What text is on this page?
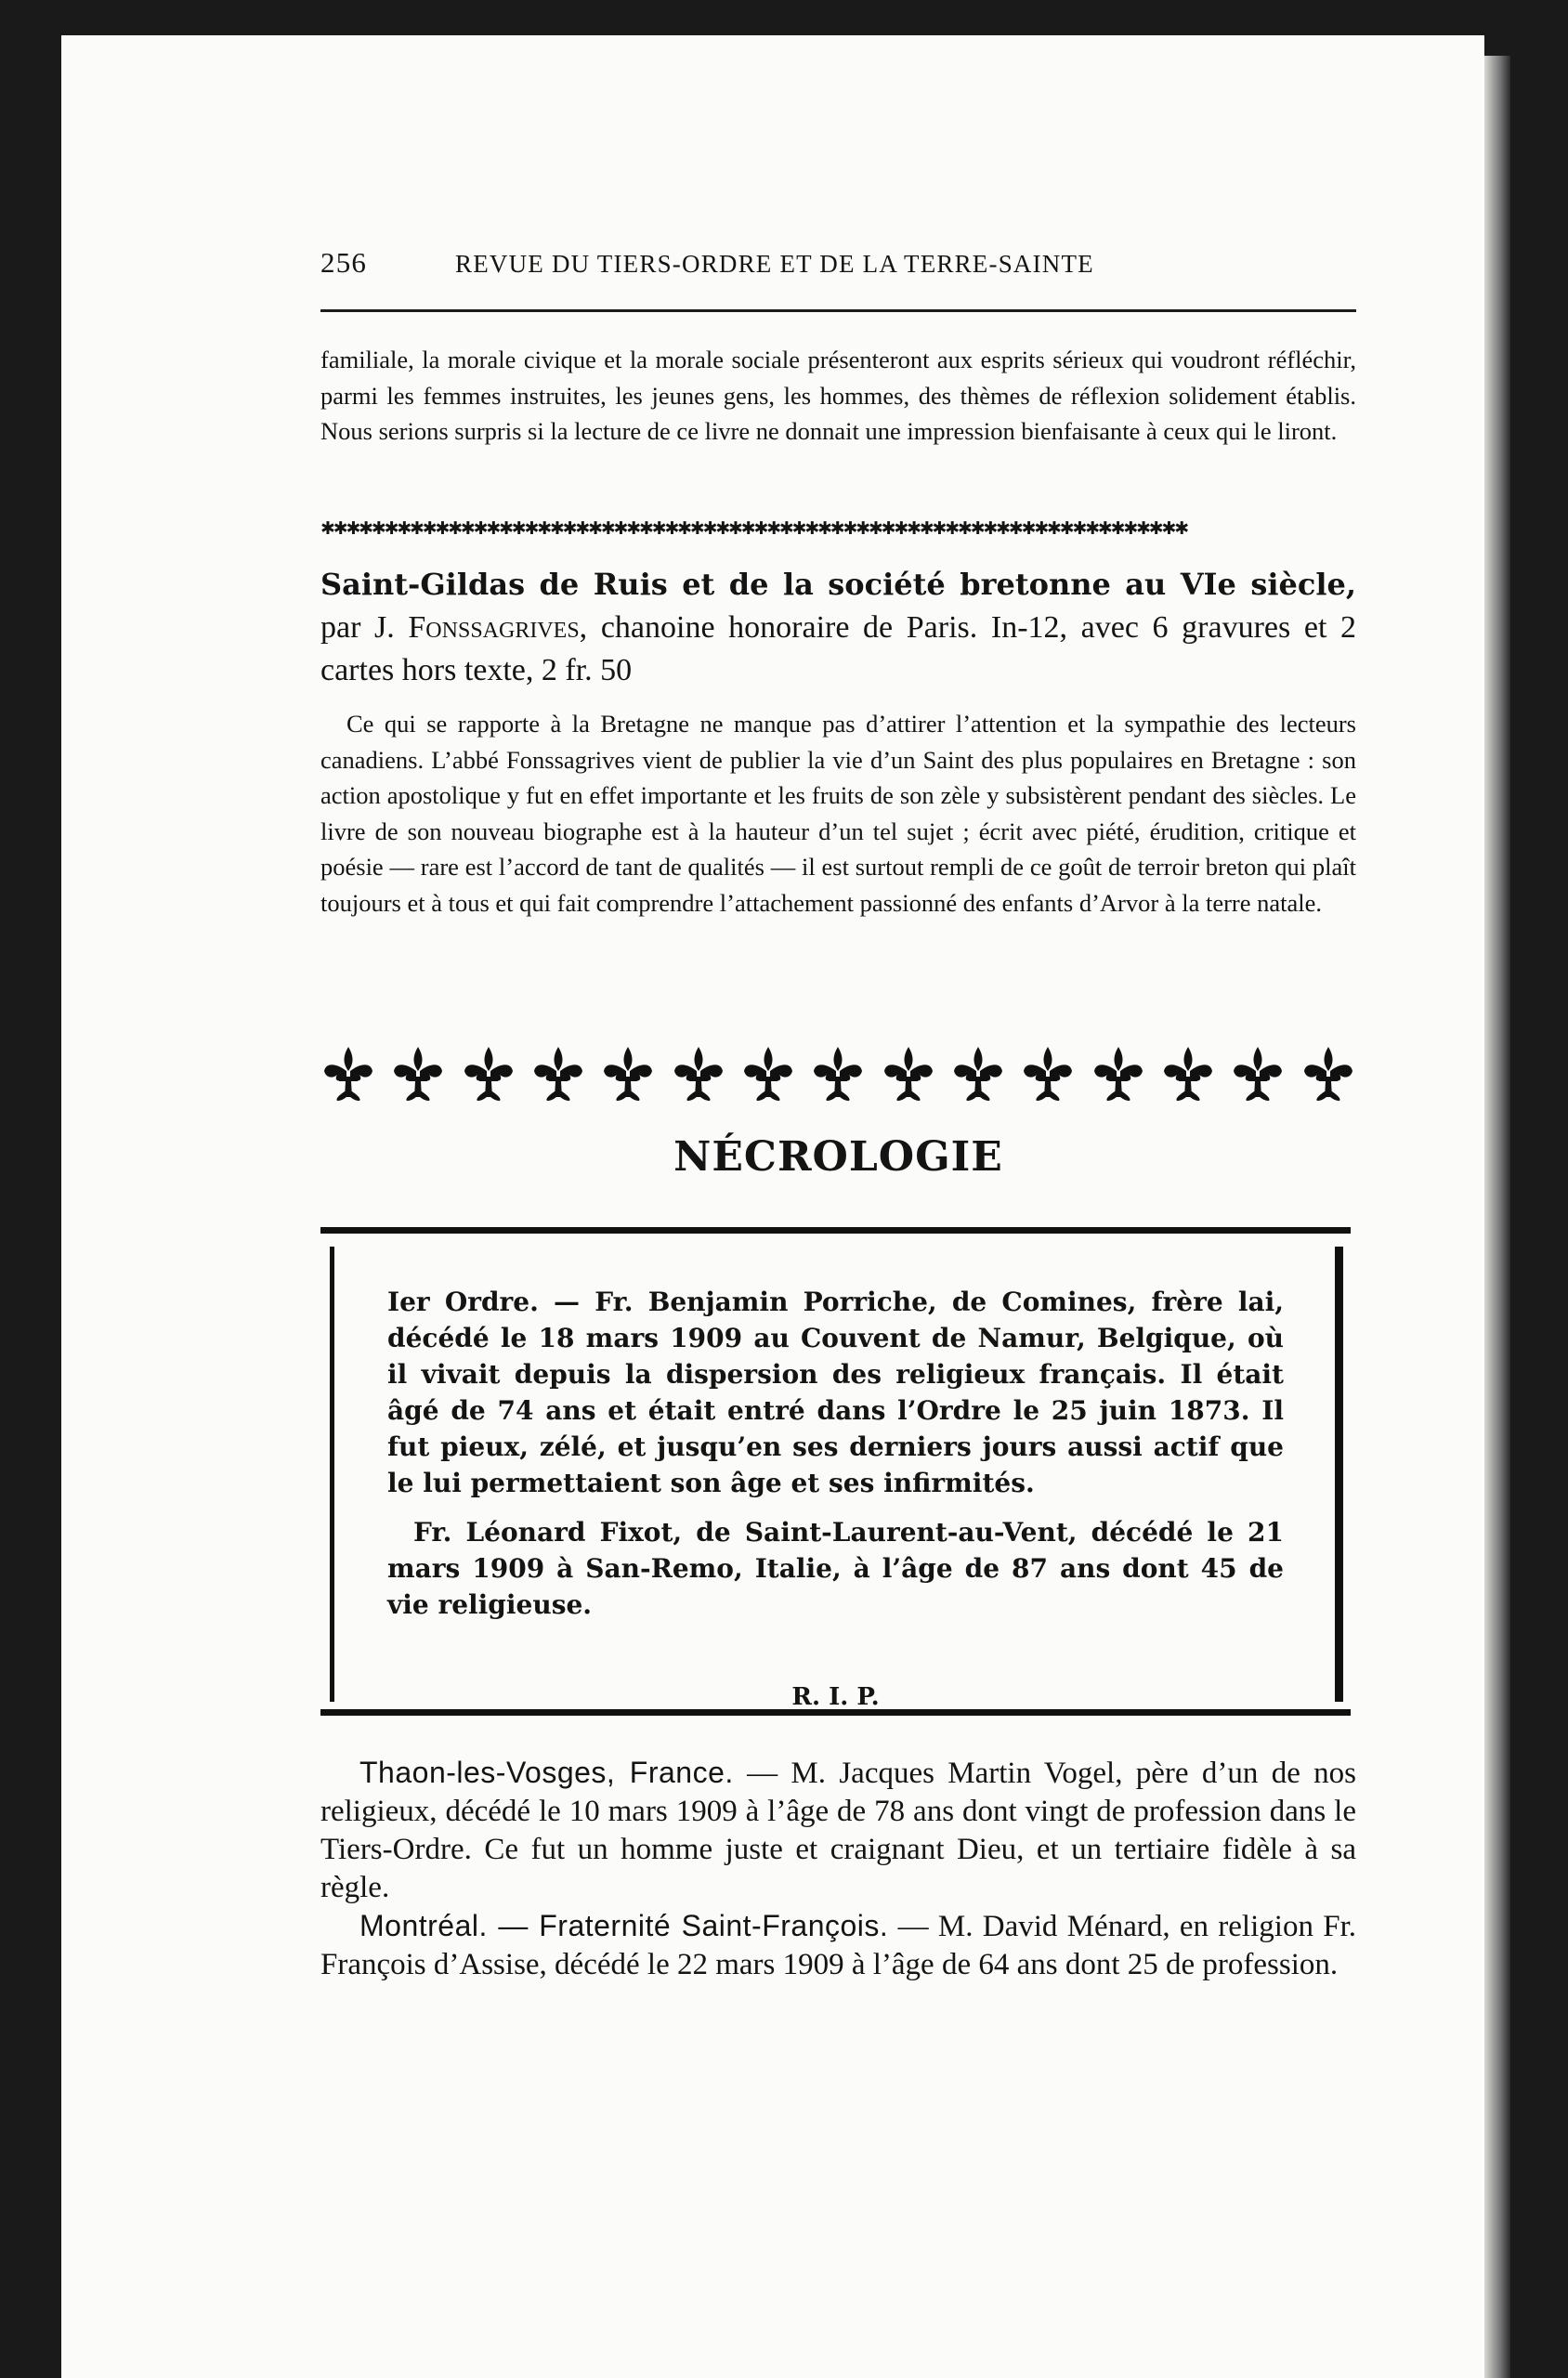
256	REVUE DU TIERS-ORDRE ET DE LA TERRE-SAINTE

familiale, la morale civique et la morale sociale présenteront aux esprits sérieux qui voudront réfléchir, parmi les femmes instruites, les jeunes gens, les hommes, des thèmes de réflexion solidement établis. Nous serions surpris si la lecture de ce livre ne donnait une impression bienfaisante à ceux qui le liront.

✱✱✱✱✱✱✱✱✱✱✱✱✱✱✱✱✱✱✱✱✱✱✱✱✱✱✱✱✱✱✱✱✱✱✱✱✱✱✱✱✱✱✱✱✱✱✱✱✱✱✱✱✱✱✱✱✱✱✱✱✱✱✱✱✱✱✱✱

Saint-Gildas de Ruis et de la société bretonne au VIe siècle, par J. Fonssagrives, chanoine honoraire de Paris. In-12, avec 6 gravures et 2 cartes hors texte, 2 fr. 50

Ce qui se rapporte à la Bretagne ne manque pas d’attirer l’attention et la sympathie des lecteurs canadiens. L’abbé Fonssagrives vient de publier la vie d’un Saint des plus populaires en Bretagne : son action apostolique y fut en effet importante et les fruits de son zèle y subsistèrent pendant des siècles. Le livre de son nouveau biographe est à la hauteur d’un tel sujet ; écrit avec piété, érudition, critique et poésie — rare est l’accord de tant de qualités — il est surtout rempli de ce goût de terroir breton qui plaît toujours et à tous et qui fait comprendre l’attachement passionné des enfants d’Arvor à la terre natale.

NÉCROLOGIE

Ier Ordre. — Fr. Benjamin Porriche, de Comines, frère lai, décédé le 18 mars 1909 au Couvent de Namur, Belgique, où il vivait depuis la dispersion des religieux français. Il était âgé de 74 ans et était entré dans l’Ordre le 25 juin 1873. Il fut pieux, zélé, et jusqu’en ses derniers jours aussi actif que le lui permettaient son âge et ses infirmités.

Fr. Léonard Fixot, de Saint-Laurent-au-Vent, décédé le 21 mars 1909 à San-Remo, Italie, à l’âge de 87 ans dont 45 de vie religieuse.

R. I. P.

Thaon-les-Vosges, France. — M. Jacques Martin Vogel, père d’un de nos religieux, décédé le 10 mars 1909 à l’âge de 78 ans dont vingt de profession dans le Tiers-Ordre. Ce fut un homme juste et craignant Dieu, et un tertiaire fidèle à sa règle.

Montréal. — Fraternité Saint-François. — M. David Ménard, en religion Fr. François d’Assise, décédé le 22 mars 1909 à l’âge de 64 ans dont 25 de profession.
